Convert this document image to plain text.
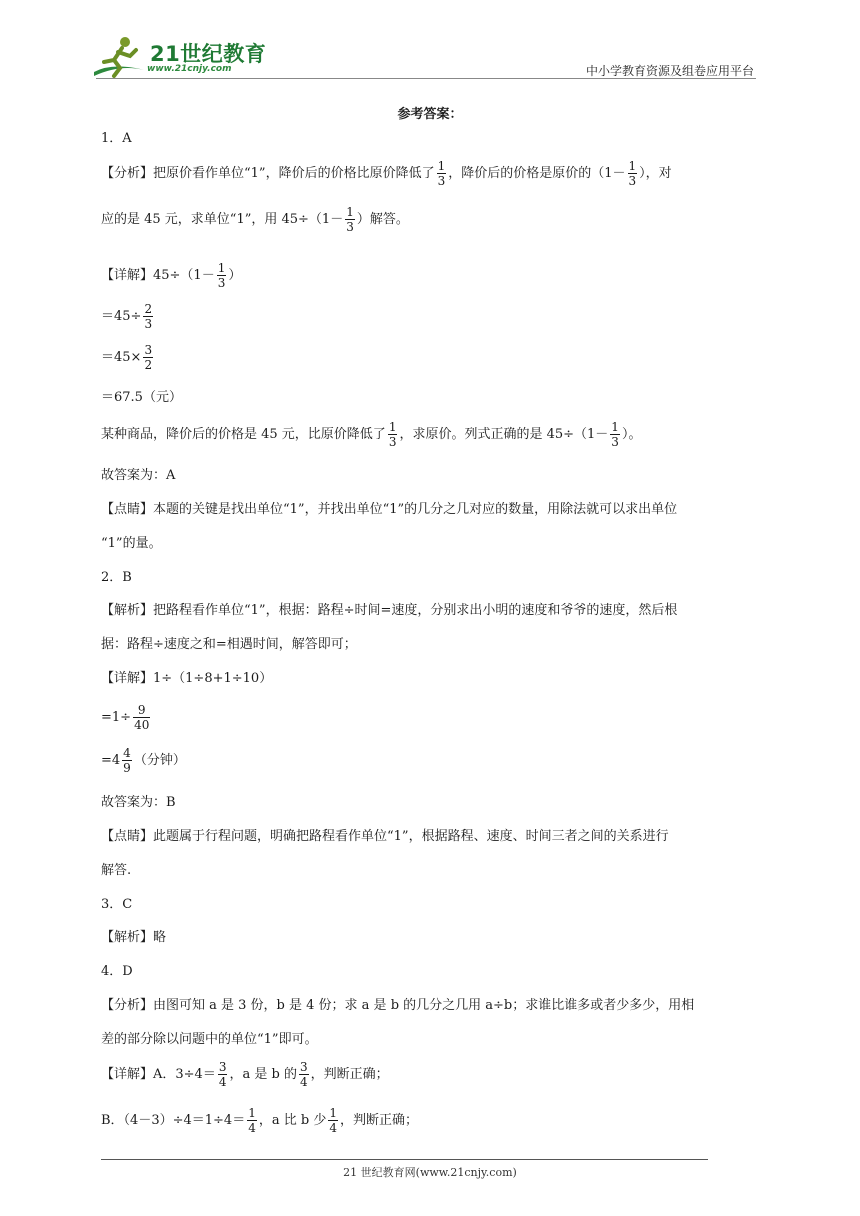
21世纪教育
www.21cnjy.com	中小学教育资源及组卷应用平台
参考答案：
1．A
【分析】把原价看作单位“1”，降价后的价格比原价降低了 $\frac{1}{3}$ ，降价后的价格是原价的（$1- \frac{1}{3}$ ），对
应的是 45 元，求单位“1”，用 $45\div(1- \frac{1}{3}$ ）解答。
【详解】$45\div(1- \frac{1}{3}$ ）
$=45\div \frac{2}{3}$
$=45\times \frac{3}{2}$
＝67.5（元）
某种商品，降价后的价格是 45 元，比原价降低了 $\frac{1}{3}$ ，求原价。列式正确的是 $45\div(1- \frac{1}{3}$ ）。
故答案为：A
【点睛】本题的关键是找出单位“1”，并找出单位“1”的几分之几对应的数量，用除法就可以求出单位
“1”的量。
2．B
【解析】把路程看作单位“1”，根据：路程÷时间=速度，分别求出小明的速度和爷爷的速度，然后根
据：路程÷速度之和=相遇时间，解答即可；
【详解】1÷（1÷8+1÷10）
$=1\div \frac{9}{40}$
$=4 \frac{4}{9}$ （分钟）
故答案为：B
【点睛】此题属于行程问题，明确把路程看作单位“1”，根据路程、速度、时间三者之间的关系进行
解答.
3．C
【解析】略
4．D
【分析】由图可知 a 是 3 份，b 是 4 份；求 a 是 b 的几分之几用 a÷b；求谁比谁多或者少多少，用相
差的部分除以问题中的单位“1”即可。
【详解】A．$3\div 4= \frac{3}{4}$ ，a 是 b 的 $\frac{3}{4}$ ，判断正确；
B．$(4-3)\div 4=1\div 4= \frac{1}{4}$ ，a 比 b 少 $\frac{1}{4}$ ，判断正确；
21 世纪教育网(www.21cnjy.com)
